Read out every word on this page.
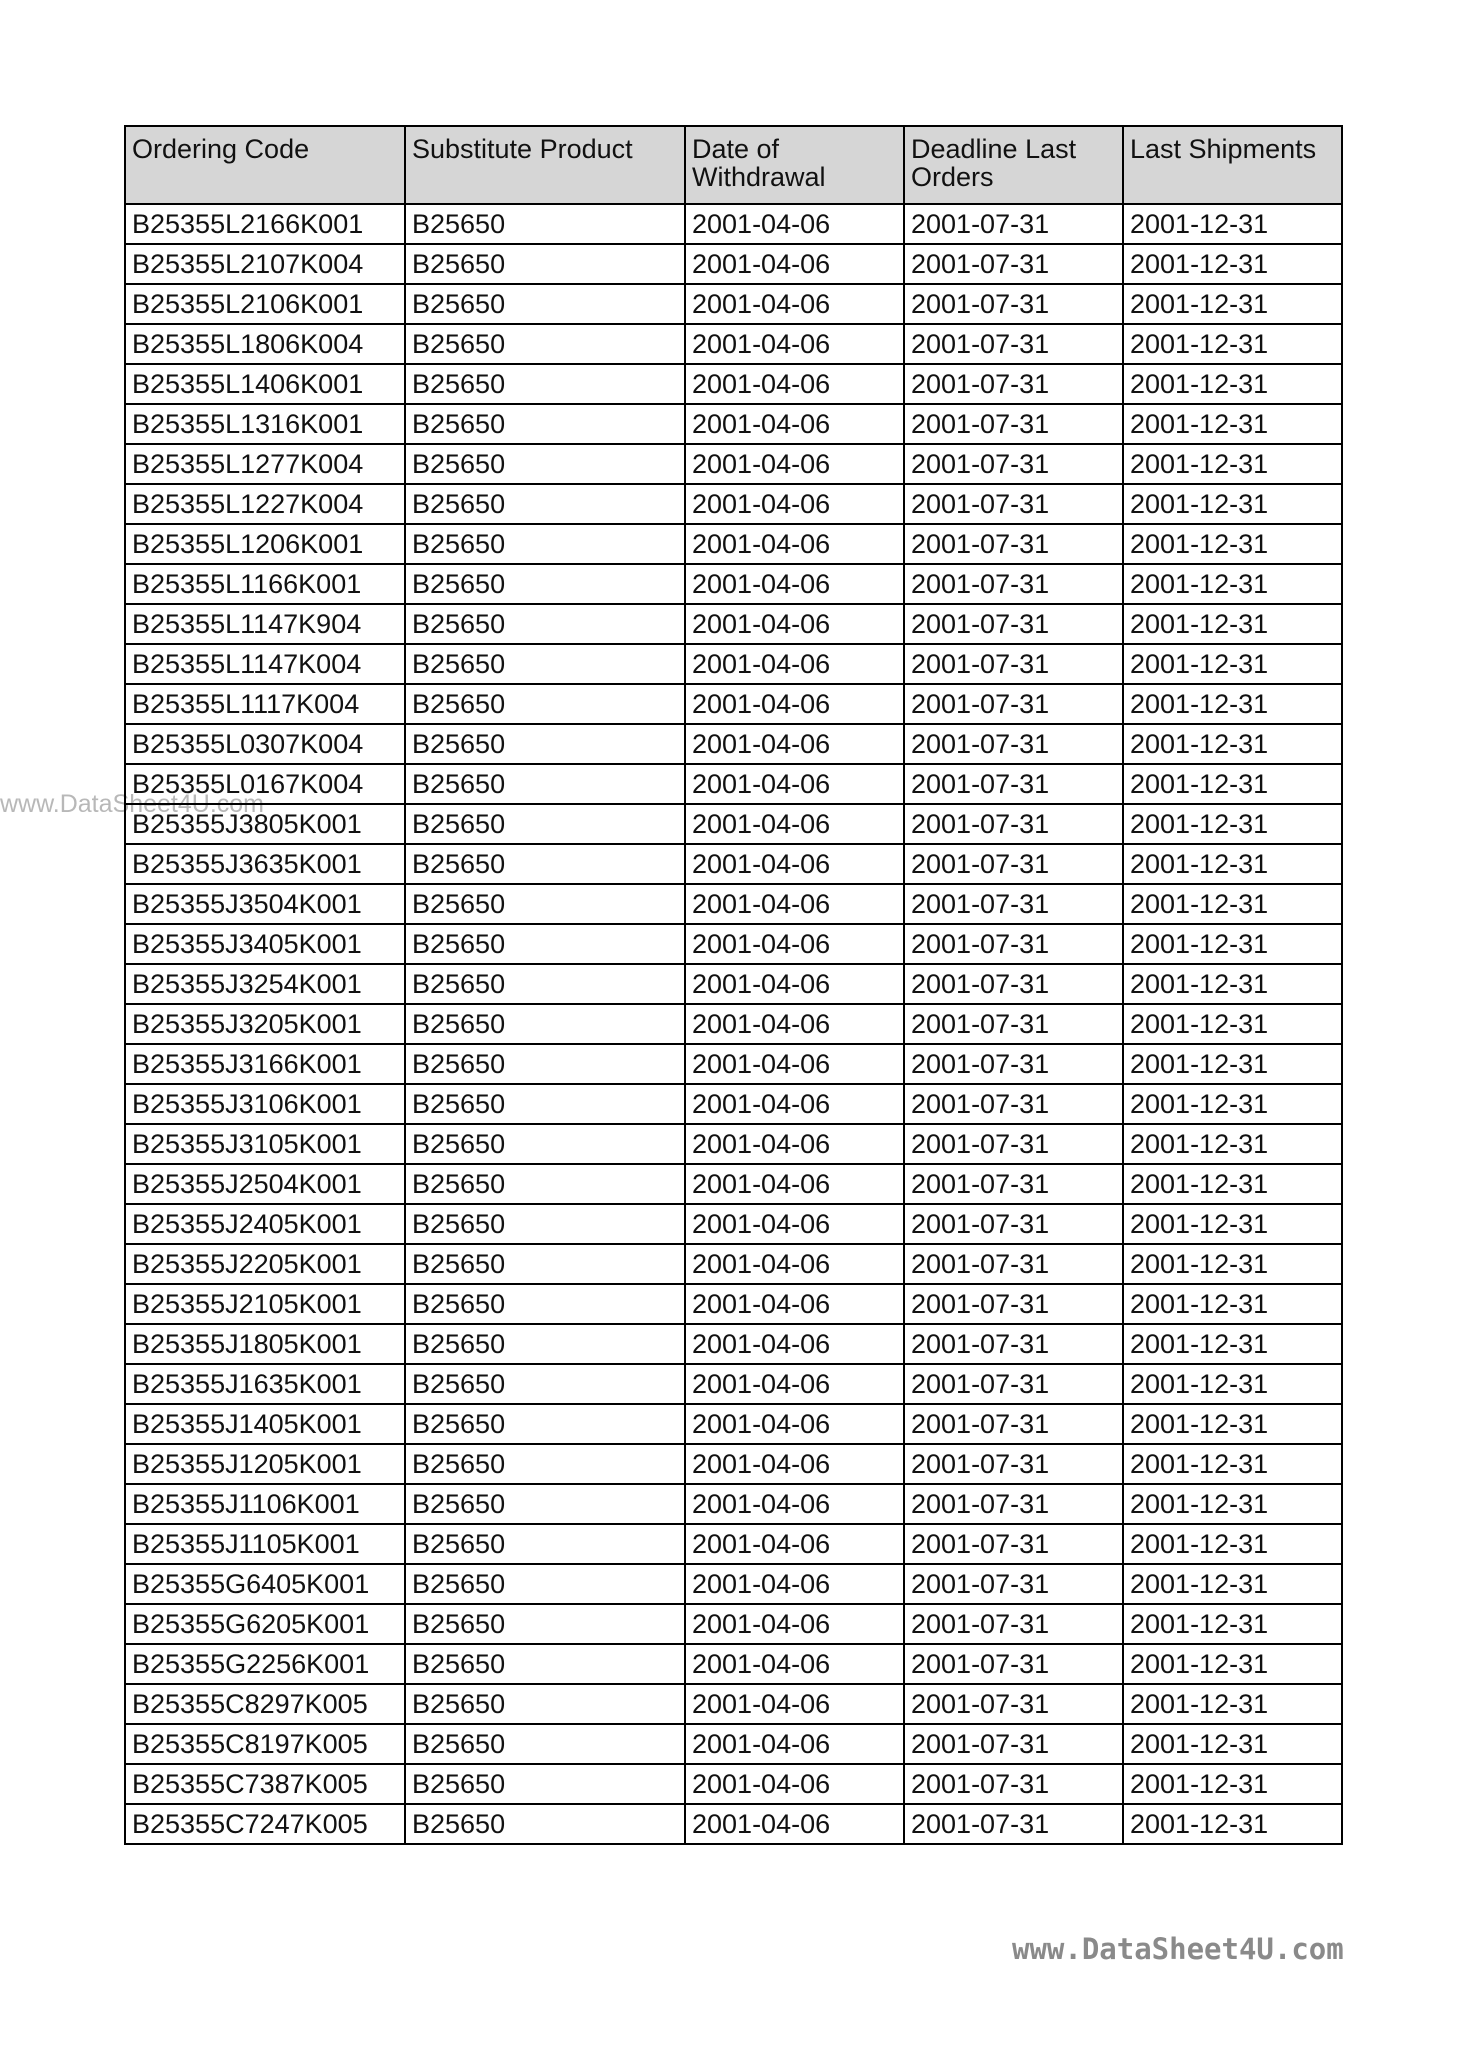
www.DataSheet4U.com
Ordering Code	Substitute Product	Date of Withdrawal	Deadline Last Orders	Last Shipments
B25355L2166K001	B25650	2001-04-06	2001-07-31	2001-12-31
B25355L2107K004	B25650	2001-04-06	2001-07-31	2001-12-31
B25355L2106K001	B25650	2001-04-06	2001-07-31	2001-12-31
B25355L1806K004	B25650	2001-04-06	2001-07-31	2001-12-31
B25355L1406K001	B25650	2001-04-06	2001-07-31	2001-12-31
B25355L1316K001	B25650	2001-04-06	2001-07-31	2001-12-31
B25355L1277K004	B25650	2001-04-06	2001-07-31	2001-12-31
B25355L1227K004	B25650	2001-04-06	2001-07-31	2001-12-31
B25355L1206K001	B25650	2001-04-06	2001-07-31	2001-12-31
B25355L1166K001	B25650	2001-04-06	2001-07-31	2001-12-31
B25355L1147K904	B25650	2001-04-06	2001-07-31	2001-12-31
B25355L1147K004	B25650	2001-04-06	2001-07-31	2001-12-31
B25355L1117K004	B25650	2001-04-06	2001-07-31	2001-12-31
B25355L0307K004	B25650	2001-04-06	2001-07-31	2001-12-31
B25355L0167K004	B25650	2001-04-06	2001-07-31	2001-12-31
B25355J3805K001	B25650	2001-04-06	2001-07-31	2001-12-31
B25355J3635K001	B25650	2001-04-06	2001-07-31	2001-12-31
B25355J3504K001	B25650	2001-04-06	2001-07-31	2001-12-31
B25355J3405K001	B25650	2001-04-06	2001-07-31	2001-12-31
B25355J3254K001	B25650	2001-04-06	2001-07-31	2001-12-31
B25355J3205K001	B25650	2001-04-06	2001-07-31	2001-12-31
B25355J3166K001	B25650	2001-04-06	2001-07-31	2001-12-31
B25355J3106K001	B25650	2001-04-06	2001-07-31	2001-12-31
B25355J3105K001	B25650	2001-04-06	2001-07-31	2001-12-31
B25355J2504K001	B25650	2001-04-06	2001-07-31	2001-12-31
B25355J2405K001	B25650	2001-04-06	2001-07-31	2001-12-31
B25355J2205K001	B25650	2001-04-06	2001-07-31	2001-12-31
B25355J2105K001	B25650	2001-04-06	2001-07-31	2001-12-31
B25355J1805K001	B25650	2001-04-06	2001-07-31	2001-12-31
B25355J1635K001	B25650	2001-04-06	2001-07-31	2001-12-31
B25355J1405K001	B25650	2001-04-06	2001-07-31	2001-12-31
B25355J1205K001	B25650	2001-04-06	2001-07-31	2001-12-31
B25355J1106K001	B25650	2001-04-06	2001-07-31	2001-12-31
B25355J1105K001	B25650	2001-04-06	2001-07-31	2001-12-31
B25355G6405K001	B25650	2001-04-06	2001-07-31	2001-12-31
B25355G6205K001	B25650	2001-04-06	2001-07-31	2001-12-31
B25355G2256K001	B25650	2001-04-06	2001-07-31	2001-12-31
B25355C8297K005	B25650	2001-04-06	2001-07-31	2001-12-31
B25355C8197K005	B25650	2001-04-06	2001-07-31	2001-12-31
B25355C7387K005	B25650	2001-04-06	2001-07-31	2001-12-31
B25355C7247K005	B25650	2001-04-06	2001-07-31	2001-12-31
www.DataSheet4U.com
